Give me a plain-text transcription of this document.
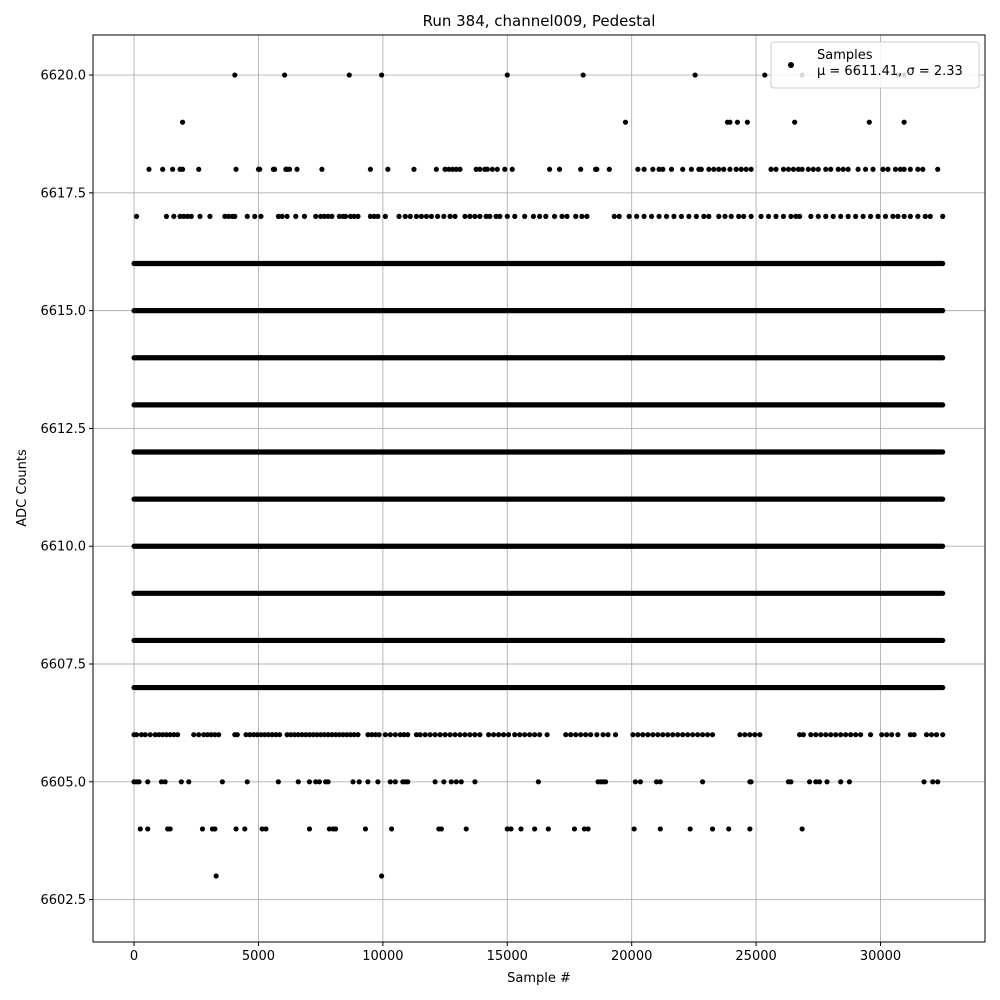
0	5000	10000	15000	20000	25000	30000
6602.5
6605.0
6607.5
6610.0
6612.5
6615.0
6617.5
6620.0
Run 384, channel009, Pedestal
Sample #
ADC Counts
Samples
μ = 6611.41, σ = 2.33
